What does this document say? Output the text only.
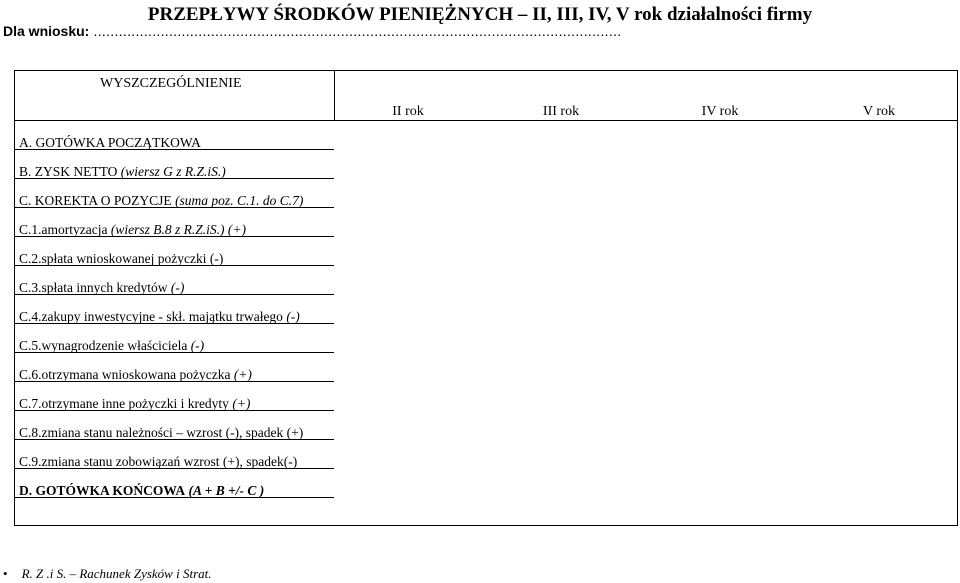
PRZEPŁYWY ŚRODKÓW PIENIĘŻNYCH – II, III, IV, V rok działalności firmy
Dla wniosku: ..............................................................................................................................
WYSZCZEGÓLNIENIE
II rok	III rok	IV rok	V rok
A. GOTÓWKA POCZĄTKOWA
B. ZYSK NETTO (wiersz G z R.Z.iS.)
C. KOREKTA O POZYCJE (suma poz. C.1. do C.7)
C.1.amortyzacja (wiersz B.8 z R.Z.iS.) (+)
C.2.spłata wnioskowanej pożyczki (-)
C.3.spłata innych kredytów (-)
C.4.zakupy inwestycyjne - skł. majątku trwałego (-)
C.5.wynagrodzenie właściciela (-)
C.6.otrzymana wnioskowana pożyczka (+)
C.7.otrzymane inne pożyczki i kredyty (+)
C.8.zmiana stanu należności – wzrost (-), spadek (+)
C.9.zmiana stanu zobowiązań wzrost (+), spadek(-)
D. GOTÓWKA KOŃCOWA (A + B +/- C )
• R. Z .i S. – Rachunek Zysków i Strat.
